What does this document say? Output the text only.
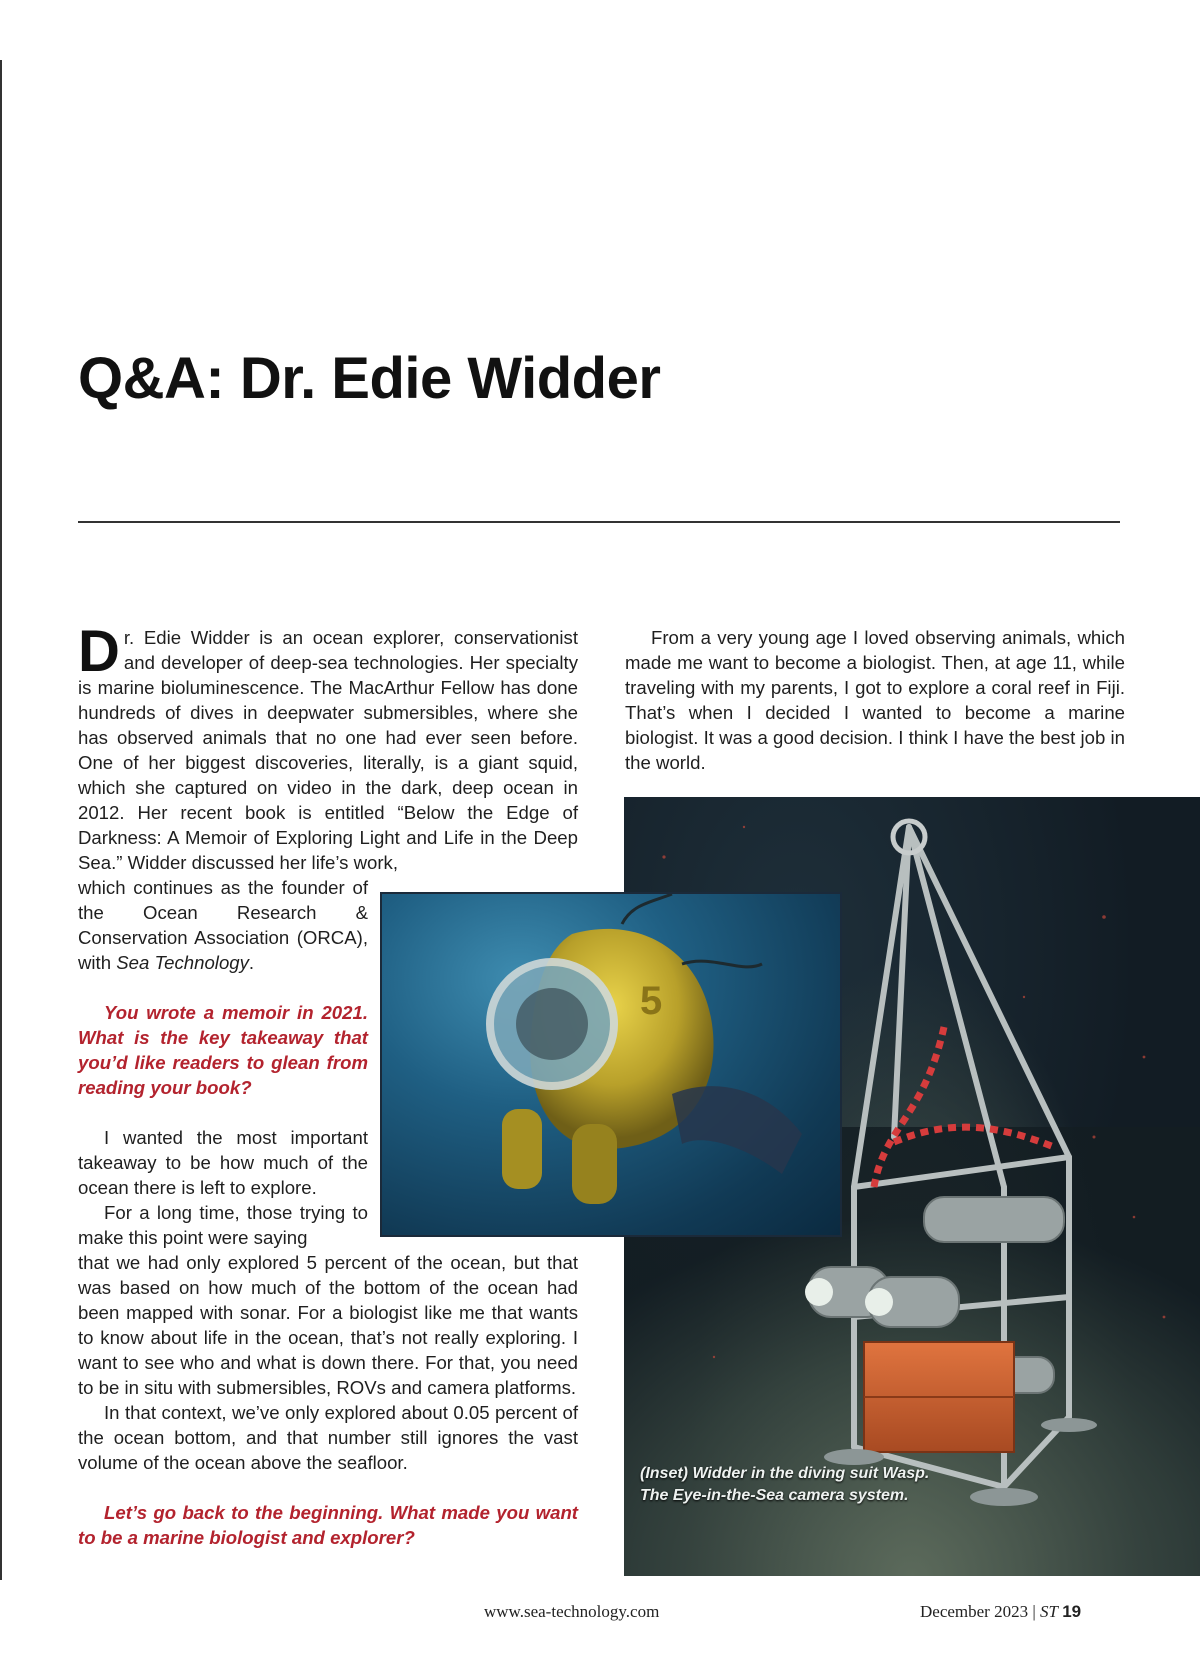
Q&A: Dr. Edie Widder

Dr. Edie Widder is an ocean explorer, conservationist and developer of deep-sea technologies. Her specialty is marine bioluminescence. The MacArthur Fellow has done hundreds of dives in deepwater submersibles, where she has observed animals that no one had ever seen before. One of her biggest discoveries, literally, is a giant squid, which she captured on video in the dark, deep ocean in 2012. Her recent book is entitled “Below the Edge of Darkness: A Memoir of Exploring Light and Life in the Deep Sea.” Widder discussed her life’s work,

which continues as the founder of the Ocean Research & Conservation Association (ORCA), with Sea Technology.

You wrote a memoir in 2021. What is the key takeaway that you’d like readers to glean from reading your book?

I wanted the most important takeaway to be how much of the ocean there is left to explore.

For a long time, those trying to make this point were saying

that we had only explored 5 percent of the ocean, but that was based on how much of the bottom of the ocean had been mapped with sonar. For a biologist like me that wants to know about life in the ocean, that’s not really exploring. I want to see who and what is down there. For that, you need to be in situ with submersibles, ROVs and camera platforms.

In that context, we’ve only explored about 0.05 percent of the ocean bottom, and that number still ignores the vast volume of the ocean above the seafloor.

Let’s go back to the beginning. What made you want to be a marine biologist and explorer?

From a very young age I loved observing animals, which made me want to become a biologist. Then, at age 11, while traveling with my parents, I got to explore a coral reef in Fiji. That’s when I decided I wanted to become a marine biologist. It was a good decision. I think I have the best job in the world.

5
(Inset) Widder in the diving suit Wasp.
The Eye-in-the-Sea camera system.
www.sea-technology.com	December 2023 | ST 19
